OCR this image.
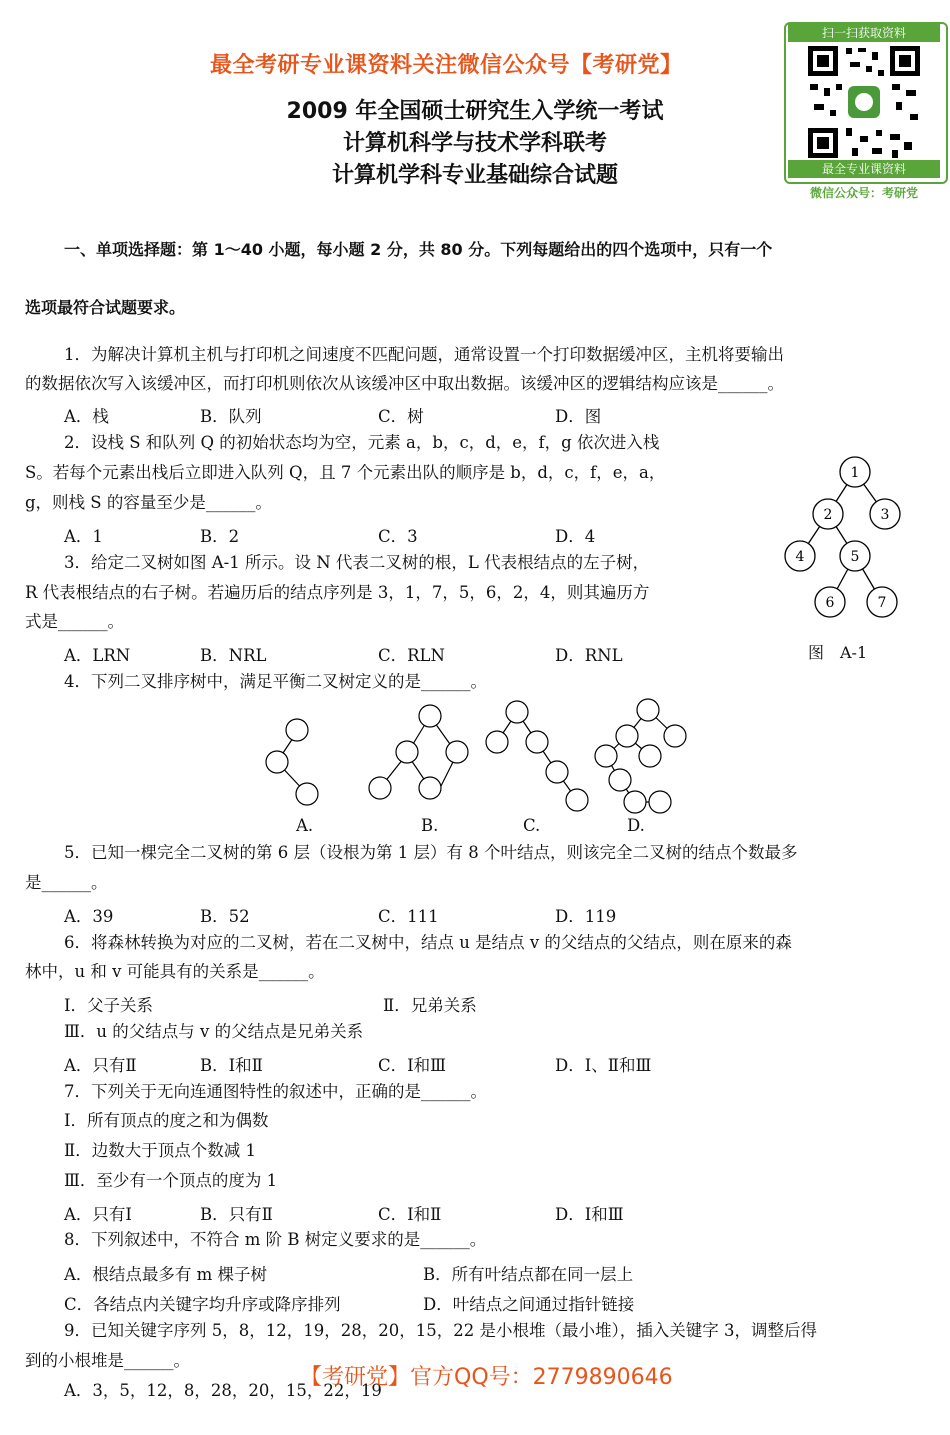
最全考研专业课资料关注微信公众号【考研党】
扫一扫获取资料
最全专业课资料
微信公众号：考研党
2009 年全国硕士研究生入学统一考试
计算机科学与技术学科联考
计算机学科专业基础综合试题
一、单项选择题：第 1～40 小题，每小题 2 分，共 80 分。下列每题给出的四个选项中，只有一个
选项最符合试题要求。
1．为解决计算机主机与打印机之间速度不匹配问题，通常设置一个打印数据缓冲区，主机将要输出
的数据依次写入该缓冲区，而打印机则依次从该缓冲区中取出数据。该缓冲区的逻辑结构应该是______。
A．栈	B．队列	C．树	D．图
2．设栈 S 和队列 Q 的初始状态均为空，元素 a，b，c，d，e，f，g 依次进入栈
S。若每个元素出栈后立即进入队列 Q，且 7 个元素出队的顺序是 b，d，c，f，e，a，
g，则栈 S 的容量至少是______。
A．1	B．2	C．3	D．4
3．给定二叉树如图 A-1 所示。设 N 代表二叉树的根，L 代表根结点的左子树，
R 代表根结点的右子树。若遍历后的结点序列是 3，1，7，5，6，2，4，则其遍历方
式是______。
A．LRN	B．NRL	C．RLN	D．RNL
1
2	3
4	5
6	7
图　A-1
4．下列二叉排序树中，满足平衡二叉树定义的是______。
A.	B.	C.	D.
5．已知一棵完全二叉树的第 6 层（设根为第 1 层）有 8 个叶结点，则该完全二叉树的结点个数最多
是______。
A．39	B．52	C．111	D．119
6．将森林转换为对应的二叉树，若在二叉树中，结点 u 是结点 v 的父结点的父结点，则在原来的森
林中，u 和 v 可能具有的关系是______。
Ⅰ．父子关系	Ⅱ．兄弟关系
Ⅲ．u 的父结点与 v 的父结点是兄弟关系
A．只有Ⅱ	B．Ⅰ和Ⅱ	C．Ⅰ和Ⅲ	D．Ⅰ、Ⅱ和Ⅲ
7．下列关于无向连通图特性的叙述中，正确的是______。
Ⅰ．所有顶点的度之和为偶数
Ⅱ．边数大于顶点个数减 1
Ⅲ．至少有一个顶点的度为 1
A．只有Ⅰ	B．只有Ⅱ	C．Ⅰ和Ⅱ	D．Ⅰ和Ⅲ
8．下列叙述中，不符合 m 阶 B 树定义要求的是______。
A．根结点最多有 m 棵子树	B．所有叶结点都在同一层上
C．各结点内关键字均升序或降序排列	D．叶结点之间通过指针链接
9．已知关键字序列 5，8，12，19，28，20，15，22 是小根堆（最小堆），插入关键字 3，调整后得
到的小根堆是______。
A．3，5，12，8，28，20，15，22，19
【考研党】官方QQ号：2779890646
